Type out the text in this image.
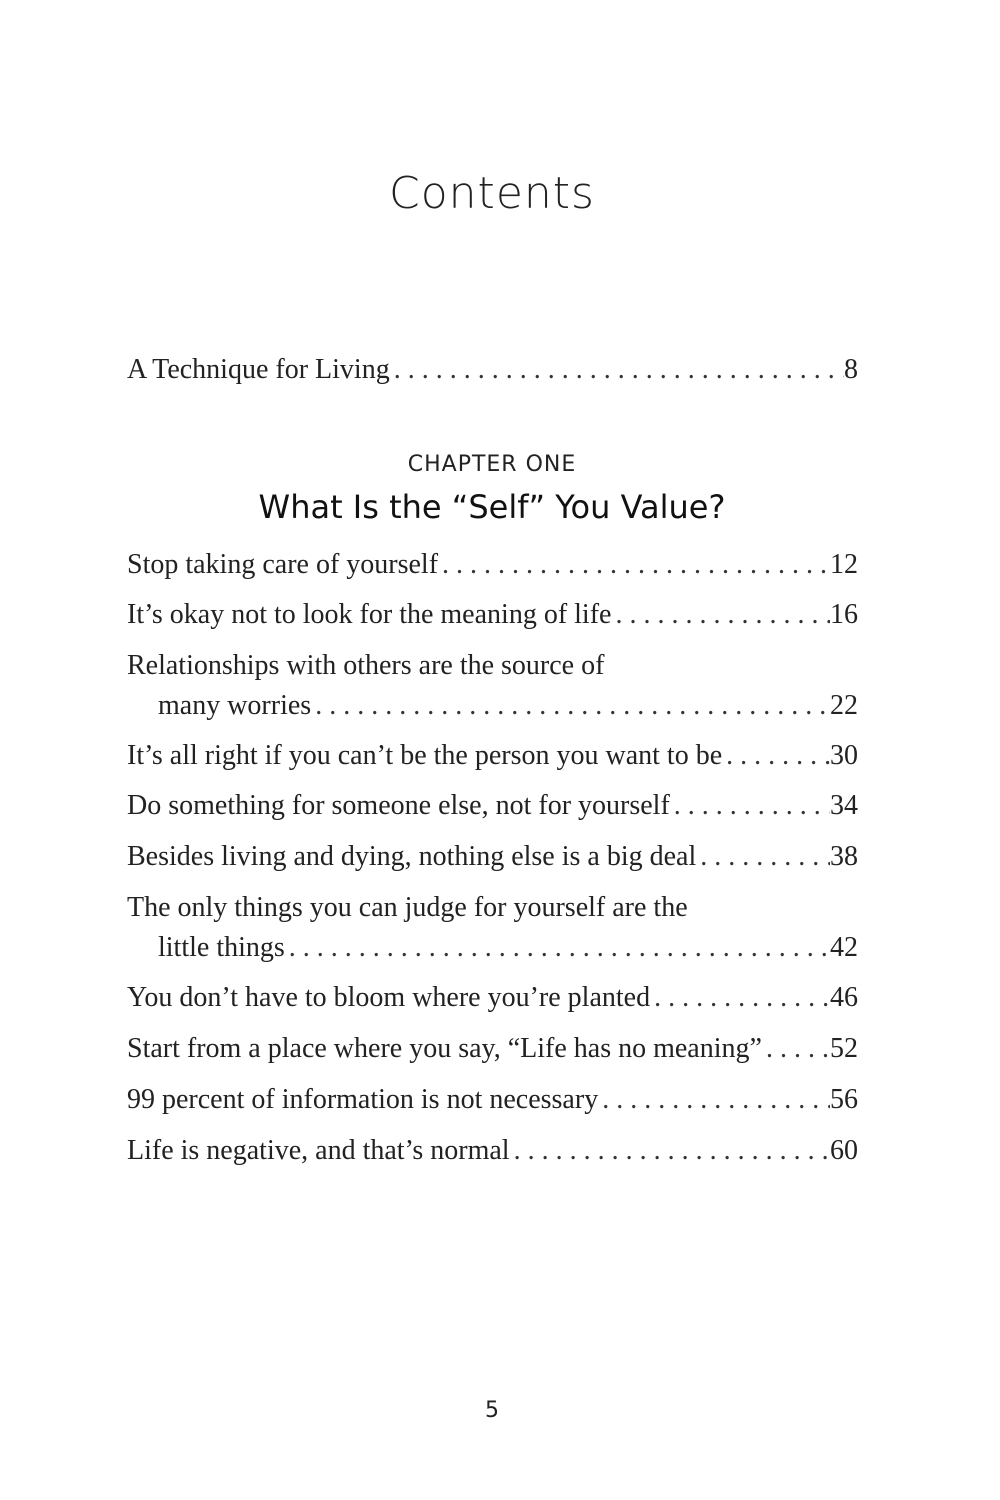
Contents
A Technique for Living . . .	8
CHAPTER ONE
What Is the “Self” You Value?
Stop taking care of yourself . . .	12
It’s okay not to look for the meaning of life . . .	16
Relationships with others are the source of
many worries . . .	22
It’s all right if you can’t be the person you want to be . . .	30
Do something for someone else, not for yourself . . .	34
Besides living and dying, nothing else is a big deal . . .	38
The only things you can judge for yourself are the
little things . . .	42
You don’t have to bloom where you’re planted . . .	46
Start from a place where you say, “Life has no meaning” . . . 52
99 percent of information is not necessary . . .	56
Life is negative, and that’s normal . . .	60
5
